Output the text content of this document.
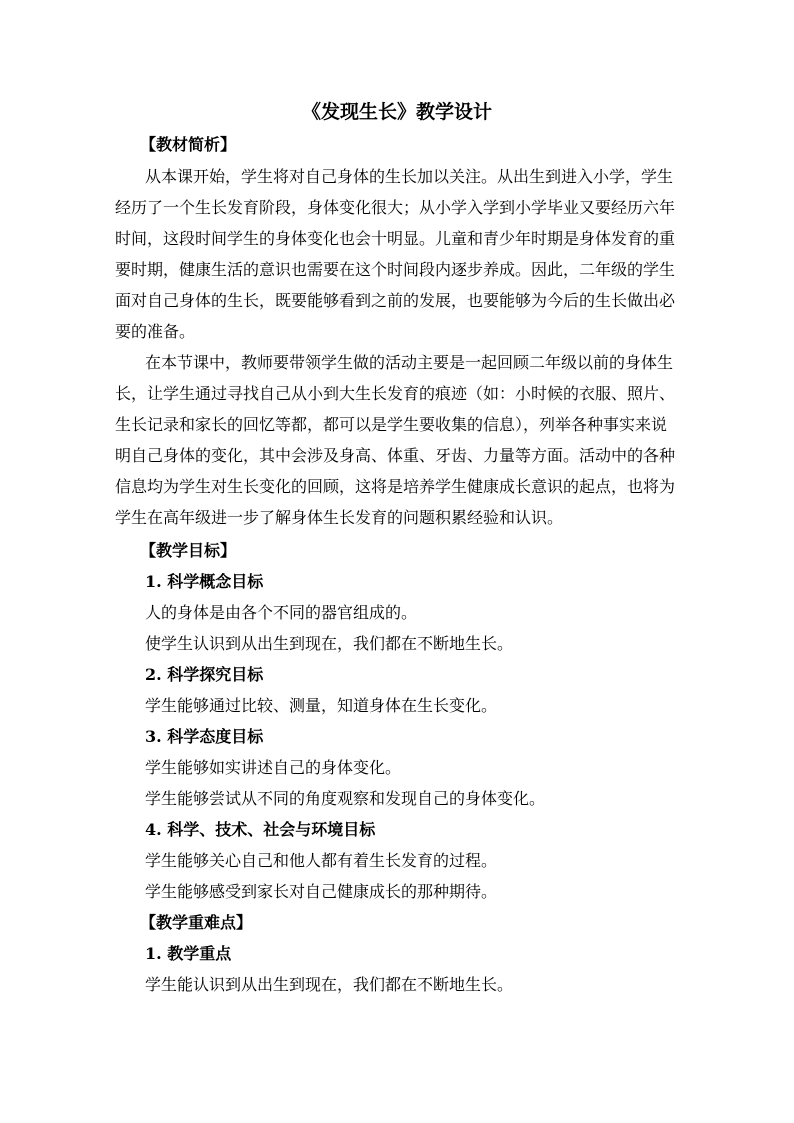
《发现生长》教学设计
【教材简析】
从本课开始，学生将对自己身体的生长加以关注。从出生到进入小学，学生
经历了一个生长发育阶段，身体变化很大；从小学入学到小学毕业又要经历六年
时间，这段时间学生的身体变化也会十明显。儿童和青少年时期是身体发育的重
要时期，健康生活的意识也需要在这个时间段内逐步养成。因此，二年级的学生
面对自己身体的生长，既要能够看到之前的发展，也要能够为今后的生长做出必
要的准备。
在本节课中，教师要带领学生做的活动主要是一起回顾二年级以前的身体生
长，让学生通过寻找自己从小到大生长发育的痕迹（如：小时候的衣服、照片、
生长记录和家长的回忆等都，都可以是学生要收集的信息），列举各种事实来说
明自己身体的变化，其中会涉及身高、体重、牙齿、力量等方面。活动中的各种
信息均为学生对生长变化的回顾，这将是培养学生健康成长意识的起点，也将为
学生在高年级进一步了解身体生长发育的问题积累经验和认识。
【教学目标】
1. 科学概念目标
人的身体是由各个不同的器官组成的。
使学生认识到从出生到现在，我们都在不断地生长。
2. 科学探究目标
学生能够通过比较、测量，知道身体在生长变化。
3. 科学态度目标
学生能够如实讲述自己的身体变化。
学生能够尝试从不同的角度观察和发现自己的身体变化。
4. 科学、技术、社会与环境目标
学生能够关心自己和他人都有着生长发育的过程。
学生能够感受到家长对自己健康成长的那种期待。
【教学重难点】
1. 教学重点
学生能认识到从出生到现在，我们都在不断地生长。
